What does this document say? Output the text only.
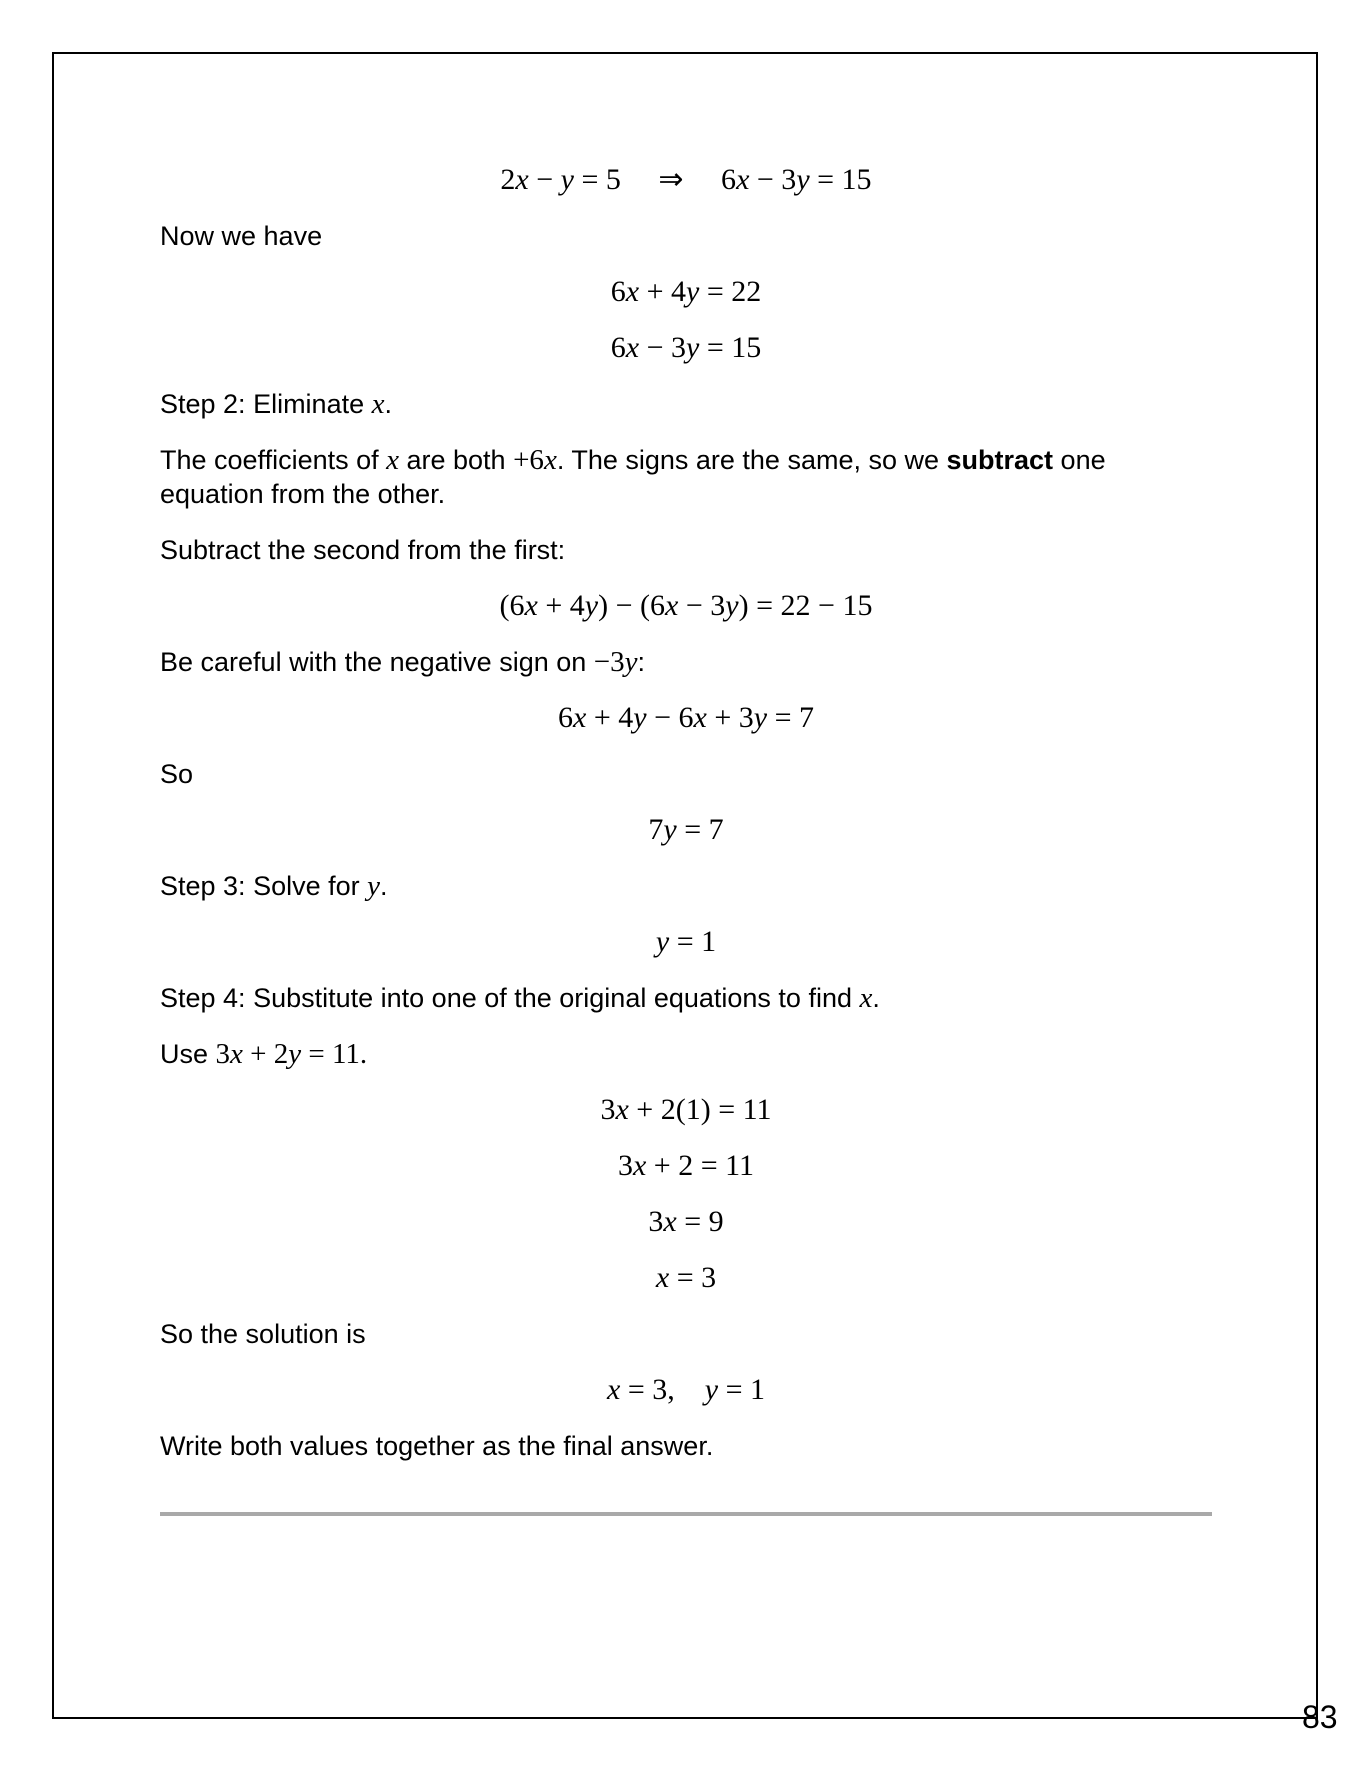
2x − y = 5     ⇒     6x − 3y = 15

Now we have

6x + 4y = 22
6x − 3y = 15

Step 2: Eliminate x.

The coefficients of x are both +6x. The signs are the same, so we subtract one equation from the other.

Subtract the second from the first:

(6x + 4y) − (6x − 3y) = 22 − 15

Be careful with the negative sign on −3y:

6x + 4y − 6x + 3y = 7

So

7y = 7

Step 3: Solve for y.

y = 1

Step 4: Substitute into one of the original equations to find x.

Use 3x + 2y = 11.

3x + 2(1) = 11
3x + 2 = 11
3x = 9
x = 3

So the solution is

x = 3,    y = 1

Write both values together as the final answer.

83
